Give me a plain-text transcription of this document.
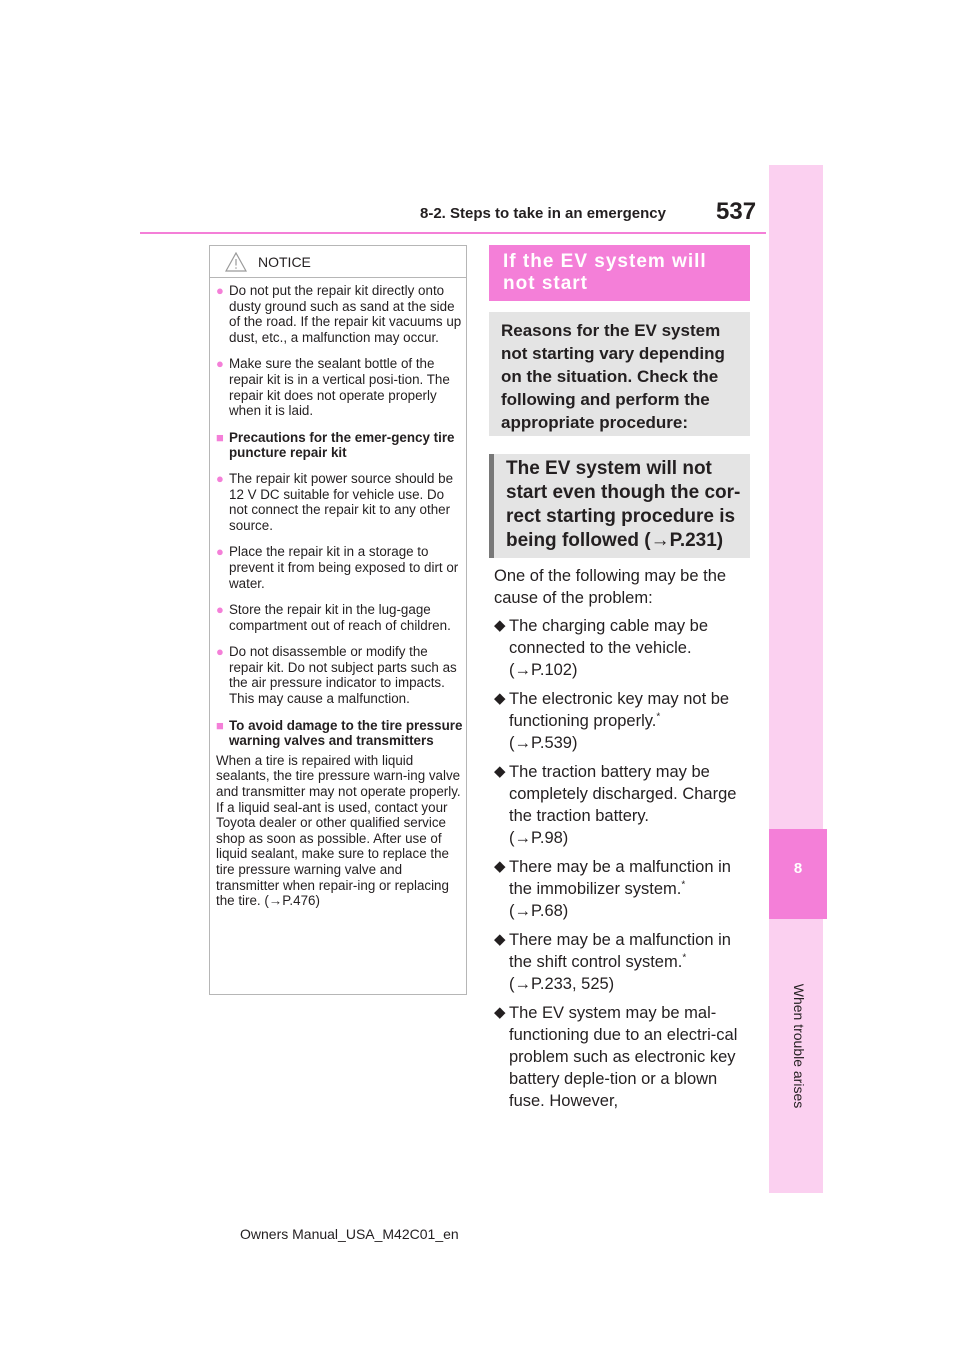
8-2. Steps to take in an emergency 537
8
When trouble arises
NOTICE
● Do not put the repair kit directly onto dusty ground such as sand at the side of the road. If the repair kit vacuums up dust, etc., a malfunction may occur.
● Make sure the sealant bottle of the repair kit is in a vertical posi-tion. The repair kit does not operate properly when it is laid.
■ Precautions for the emer-gency tire puncture repair kit
● The repair kit power source should be 12 V DC suitable for vehicle use. Do not connect the repair kit to any other source.
● Place the repair kit in a storage to prevent it from being exposed to dirt or water.
● Store the repair kit in the lug-gage compartment out of reach of children.
● Do not disassemble or modify the repair kit. Do not subject parts such as the air pressure indicator to impacts. This may cause a malfunction.
■ To avoid damage to the tire pressure warning valves and transmitters
When a tire is repaired with liquid sealants, the tire pressure warn-ing valve and transmitter may not operate properly. If a liquid seal-ant is used, contact your Toyota dealer or other qualified service shop as soon as possible. After use of liquid sealant, make sure to replace the tire pressure warning valve and transmitter when repair-ing or replacing the tire. (→P.476)
If the EV system will not start
Reasons for the EV system not starting vary depending on the situation. Check the following and perform the appropriate procedure:
The EV system will not start even though the cor-rect starting procedure is being followed (→P.231)

One of the following may be the cause of the problem:

◆ The charging cable may be connected to the vehicle.
(→P.102)
◆ The electronic key may not be functioning properly.*
(→P.539)
◆ The traction battery may be completely discharged. Charge the traction battery.
(→P.98)
◆ There may be a malfunction in the immobilizer system.*
(→P.68)
◆ There may be a malfunction in the shift control system.*
(→P.233, 525)
◆ The EV system may be mal-functioning due to an electri-cal problem such as electronic key battery deple-tion or a blown fuse. However,
Owners Manual_USA_M42C01_en
